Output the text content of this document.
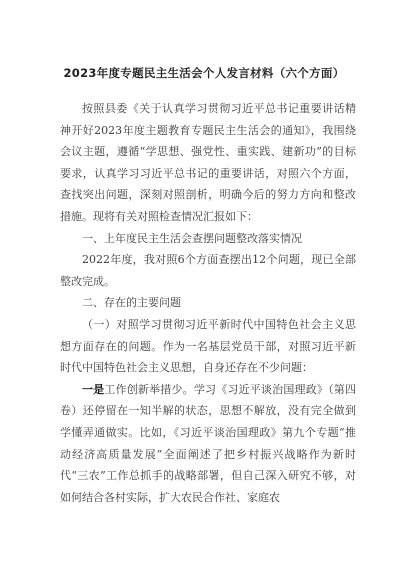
2023年度专题民主生活会个人发言材料（六个方面）

按照县委《关于认真学习贯彻习近平总书记重要讲话精神开好2023年度主题教育专题民主生活会的通知》，我围绕会议主题，遵循“学思想、强党性、重实践、建新功”的目标要求，认真学习习近平总书记的重要讲话，对照六个方面，查找突出问题，深刻对照剖析，明确今后的努力方向和整改措施。现将有关对照检查情况汇报如下：

一、上年度民主生活会查摆问题整改落实情况

2022年度，我对照6个方面查摆出12个问题，现已全部整改完成。

二、存在的主要问题

（一）对照学习贯彻习近平新时代中国特色社会主义思想方面存在的问题。作为一名基层党员干部，对照习近平新时代中国特色社会主义思想，自身还存在不少问题：

一是工作创新举措少。学习《习近平谈治国理政》（第四卷）还停留在一知半解的状态，思想不解放，没有完全做到学懂弄通做实。比如，《习近平谈治国理政》第九个专题“推动经济高质量发展”全面阐述了把乡村振兴战略作为新时代“三农”工作总抓手的战略部署，但自己深入研究不够，对如何结合各村实际，扩大农民合作社、家庭农
